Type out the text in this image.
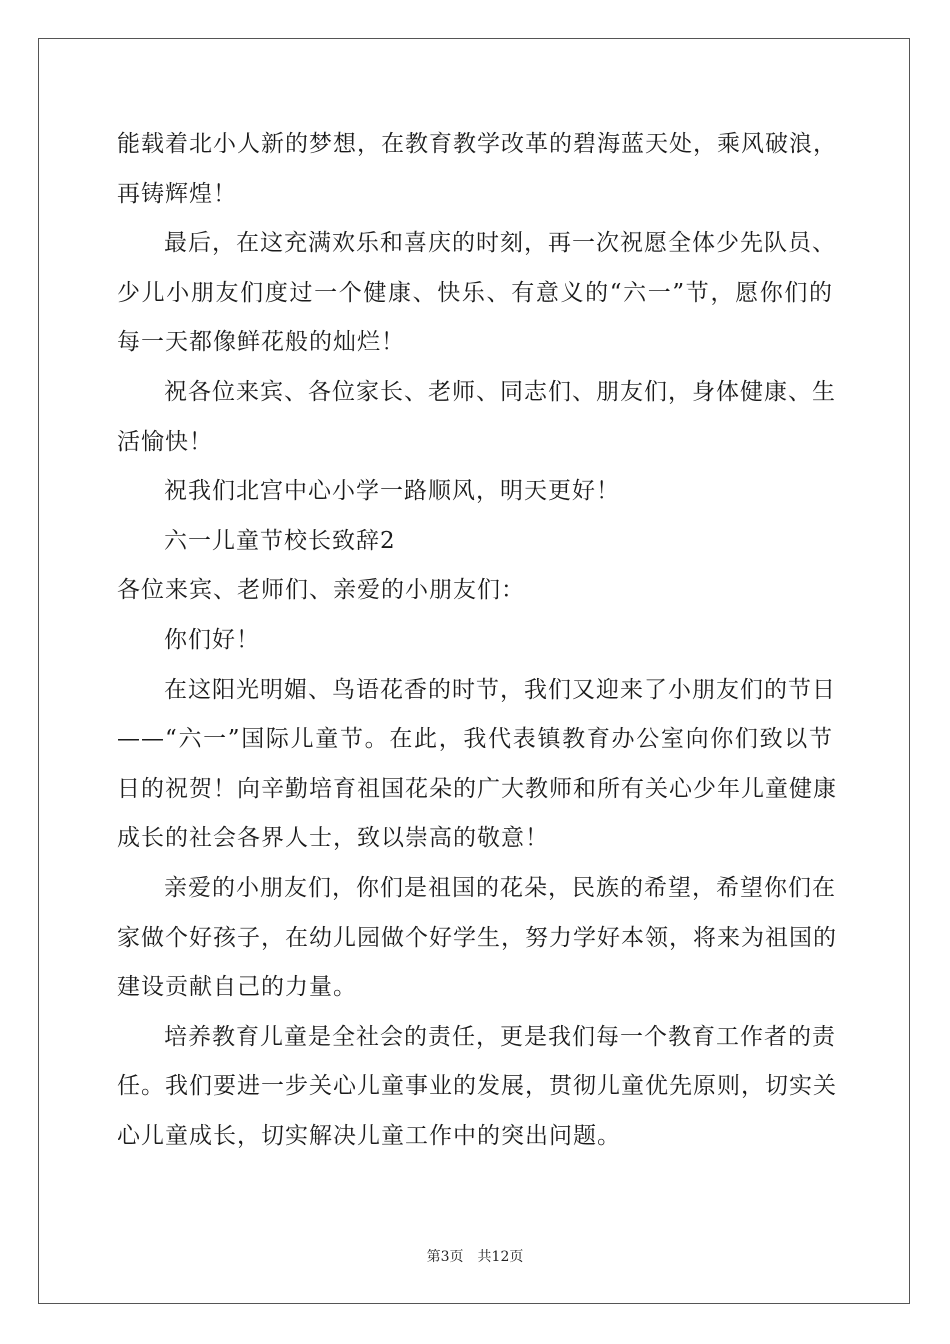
能载着北小人新的梦想，在教育教学改革的碧海蓝天处，乘风破浪，
再铸辉煌！
最后，在这充满欢乐和喜庆的时刻，再一次祝愿全体少先队员、
少儿小朋友们度过一个健康、快乐、有意义的“六一”节，愿你们的
每一天都像鲜花般的灿烂！
祝各位来宾、各位家长、老师、同志们、朋友们，身体健康、生
活愉快！
祝我们北宫中心小学一路顺风，明天更好！
六一儿童节校长致辞2
各位来宾、老师们、亲爱的小朋友们：
你们好！
在这阳光明媚、鸟语花香的时节，我们又迎来了小朋友们的节日
——“六一”国际儿童节。在此，我代表镇教育办公室向你们致以节
日的祝贺！向辛勤培育祖国花朵的广大教师和所有关心少年儿童健康
成长的社会各界人士，致以崇高的敬意！
亲爱的小朋友们，你们是祖国的花朵，民族的希望，希望你们在
家做个好孩子，在幼儿园做个好学生，努力学好本领，将来为祖国的
建设贡献自己的力量。
培养教育儿童是全社会的责任，更是我们每一个教育工作者的责
任。我们要进一步关心儿童事业的发展，贯彻儿童优先原则，切实关
心儿童成长，切实解决儿童工作中的突出问题。
第3页 共12页
